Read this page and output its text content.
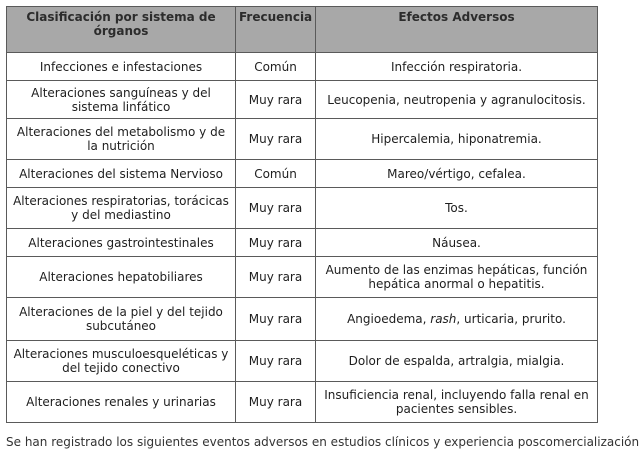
Clasificación por sistema de órganos	Frecuencia	Efectos Adversos
Infecciones e infestaciones	Común	Infección respiratoria.
Alteraciones sanguíneas y del sistema linfático	Muy rara	Leucopenia, neutropenia y agranulocitosis.
Alteraciones del metabolismo y de la nutrición	Muy rara	Hipercalemia, hiponatremia.
Alteraciones del sistema Nervioso	Común	Mareo/vértigo, cefalea.
Alteraciones respiratorias, torácicas y del mediastino	Muy rara	Tos.
Alteraciones gastrointestinales	Muy rara	Náusea.
Alteraciones hepatobiliares	Muy rara	Aumento de las enzimas hepáticas, función hepática anormal o hepatitis.
Alteraciones de la piel y del tejido subcutáneo	Muy rara	Angioedema, rash, urticaria, prurito.
Alteraciones musculoesqueléticas y del tejido conectivo	Muy rara	Dolor de espalda, artralgia, mialgia.
Alteraciones renales y urinarias	Muy rara	Insuficiencia renal, incluyendo falla renal en pacientes sensibles.
Se han registrado los siguientes eventos adversos en estudios clínicos y experiencia poscomercialización
